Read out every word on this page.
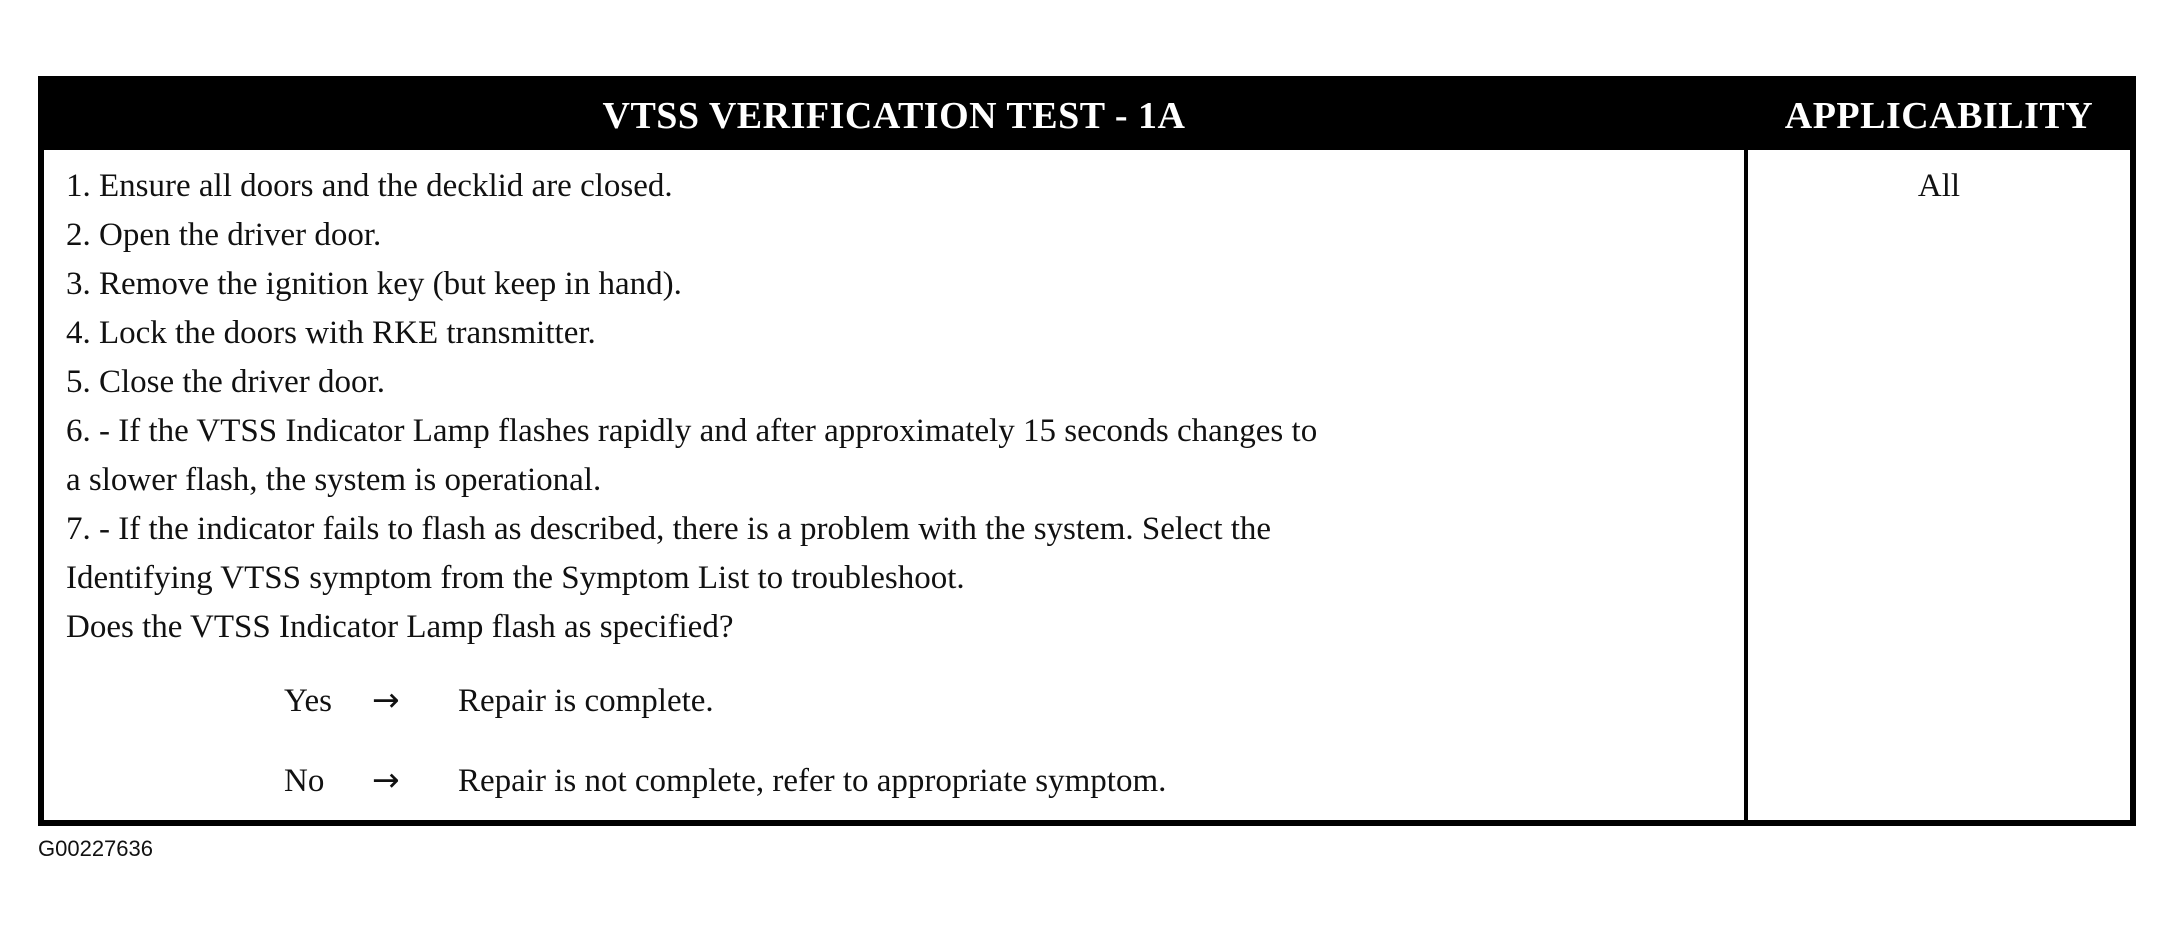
VTSS VERIFICATION TEST - 1A	APPLICABILITY
1. Ensure all doors and the decklid are closed.
2. Open the driver door.
3. Remove the ignition key (but keep in hand).
4. Lock the doors with RKE transmitter.
5. Close the driver door.
6. - If the VTSS Indicator Lamp flashes rapidly and after approximately 15 seconds changes to
a slower flash, the system is operational.
7. - If the indicator fails to flash as described, there is a problem with the system. Select the
Identifying VTSS symptom from the Symptom List to troubleshoot.
Does the VTSS Indicator Lamp flash as specified?
All
Yes → Repair is complete.
No → Repair is not complete, refer to appropriate symptom.
G00227636
